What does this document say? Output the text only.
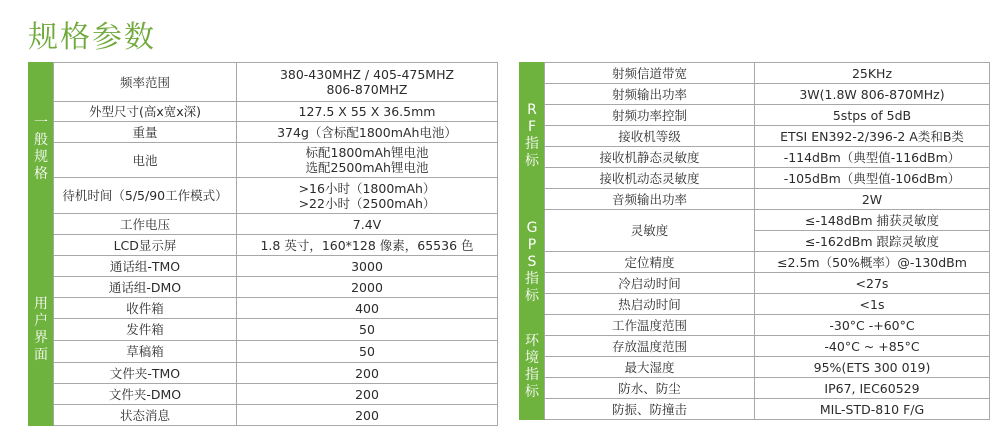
规格参数
一般规格	频率范围	380-430MHZ / 405-475MHZ
806-870MHZ
	外型尺寸(高x宽x深)	127.5 X 55 X 36.5mm
	重量	374g（含标配1800mAh电池）
	电池	标配1800mAh锂电池
选配2500mAh锂电池
	待机时间（5/5/90工作模式）	>16小时（1800mAh）
>22小时（2500mAh）
	工作电压	7.4V
用户界面	LCD显示屏	1.8 英寸，160*128 像素，65536 色
	通话组-TMO	3000
	通话组-DMO	2000
	收件箱	400
	发件箱	50
	草稿箱	50
	文件夹-TMO	200
	文件夹-DMO	200
	状态消息	200
RF指标	射频信道带宽	25KHz
	射频输出功率	3W(1.8W 806-870MHz)
	射频功率控制	5stps of 5dB
	接收机等级	ETSI EN392-2/396-2 A类和B类
	接收机静态灵敏度	-114dBm（典型值-116dBm）
	接收机动态灵敏度	-105dBm（典型值-106dBm）
	音频输出功率	2W
GPS指标	灵敏度	≤-148dBm 捕获灵敏度
		≤-162dBm 跟踪灵敏度
	定位精度	≤2.5m（50%概率）@-130dBm
	冷启动时间	<27s
	热启动时间	<1s
环境指标	工作温度范围	-30°C -+60°C
	存放温度范围	-40°C ~ +85°C
	最大湿度	95%(ETS 300 019)
	防水、防尘	IP67, IEC60529
	防振、防撞击	MIL-STD-810 F/G
